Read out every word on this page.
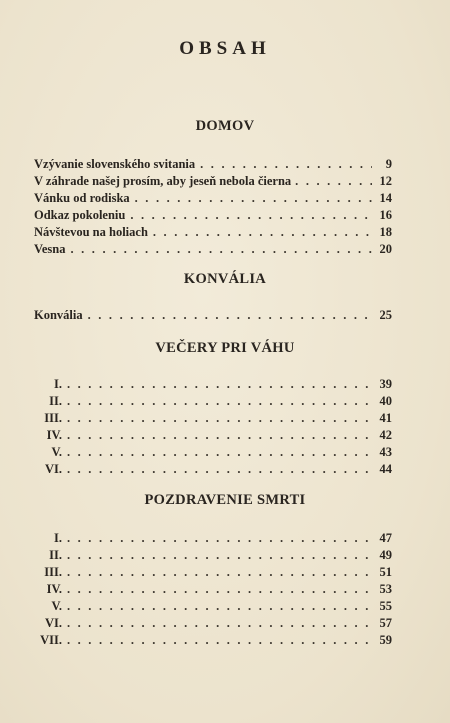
OBSAH
DOMOV
Vzývanie slovenského svitania . . .	9
V záhrade našej prosím, aby jeseň nebola čierna . . .	12
Vánku od rodiska . . .	14
Odkaz pokoleniu . . .	16
Návštevou na holiach . . .	18
Vesna . . .	20
KONVÁLIA
Konvália . . .	25
VEČERY PRI VÁHU
I. . . .	39
II. . . .	40
III. . . .	41
IV. . . .	42
V. . . .	43
VI. . . .	44
POZDRAVENIE SMRTI
I. . . .	47
II. . . .	49
III. . . .	51
IV. . . .	53
V. . . .	55
VI. . . .	57
VII. . . .	59
